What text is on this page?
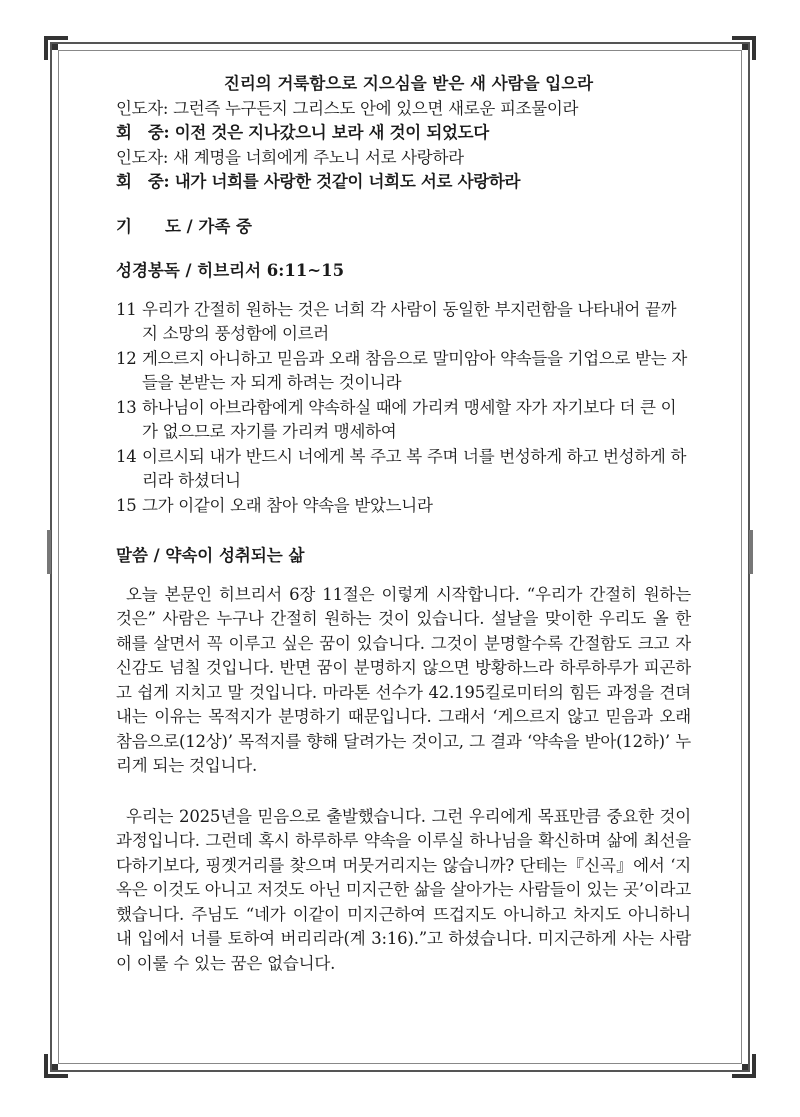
진리의 거룩함으로 지으심을 받은 새 사람을 입으라
인도자: 그런즉 누구든지 그리스도 안에 있으면 새로운 피조물이라
회　중: 이전 것은 지나갔으니 보라 새 것이 되었도다
인도자: 새 계명을 너희에게 주노니 서로 사랑하라
회　중: 내가 너희를 사랑한 것같이 너희도 서로 사랑하라
기　　도 / 가족 중
성경봉독 / 히브리서 6:11~15
11 우리가 간절히 원하는 것은 너희 각 사람이 동일한 부지런함을 나타내어 끝까지 소망의 풍성함에 이르러
12 게으르지 아니하고 믿음과 오래 참음으로 말미암아 약속들을 기업으로 받는 자들을 본받는 자 되게 하려는 것이니라
13 하나님이 아브라함에게 약속하실 때에 가리켜 맹세할 자가 자기보다 더 큰 이가 없으므로 자기를 가리켜 맹세하여
14 이르시되 내가 반드시 너에게 복 주고 복 주며 너를 번성하게 하고 번성하게 하리라 하셨더니
15 그가 이같이 오래 참아 약속을 받았느니라
말씀 / 약속이 성취되는 삶
오늘 본문인 히브리서 6장 11절은 이렇게 시작합니다. “우리가 간절히 원하는 것은” 사람은 누구나 간절히 원하는 것이 있습니다. 설날을 맞이한 우리도 올 한 해를 살면서 꼭 이루고 싶은 꿈이 있습니다. 그것이 분명할수록 간절함도 크고 자신감도 넘칠 것입니다. 반면 꿈이 분명하지 않으면 방황하느라 하루하루가 피곤하고 쉽게 지치고 말 것입니다. 마라톤 선수가 42.195킬로미터의 힘든 과정을 견뎌내는 이유는 목적지가 분명하기 때문입니다. 그래서 ‘게으르지 않고 믿음과 오래 참음으로(12상)’ 목적지를 향해 달려가는 것이고, 그 결과 ‘약속을 받아(12하)’ 누리게 되는 것입니다.
우리는 2025년을 믿음으로 출발했습니다. 그런 우리에게 목표만큼 중요한 것이 과정입니다. 그런데 혹시 하루하루 약속을 이루실 하나님을 확신하며 삶에 최선을 다하기보다, 핑곗거리를 찾으며 머뭇거리지는 않습니까? 단테는『신곡』에서 ‘지옥은 이것도 아니고 저것도 아닌 미지근한 삶을 살아가는 사람들이 있는 곳’이라고 했습니다. 주님도 “네가 이같이 미지근하여 뜨겁지도 아니하고 차지도 아니하니 내 입에서 너를 토하여 버리리라(계 3:16).”고 하셨습니다. 미지근하게 사는 사람이 이룰 수 있는 꿈은 없습니다.
